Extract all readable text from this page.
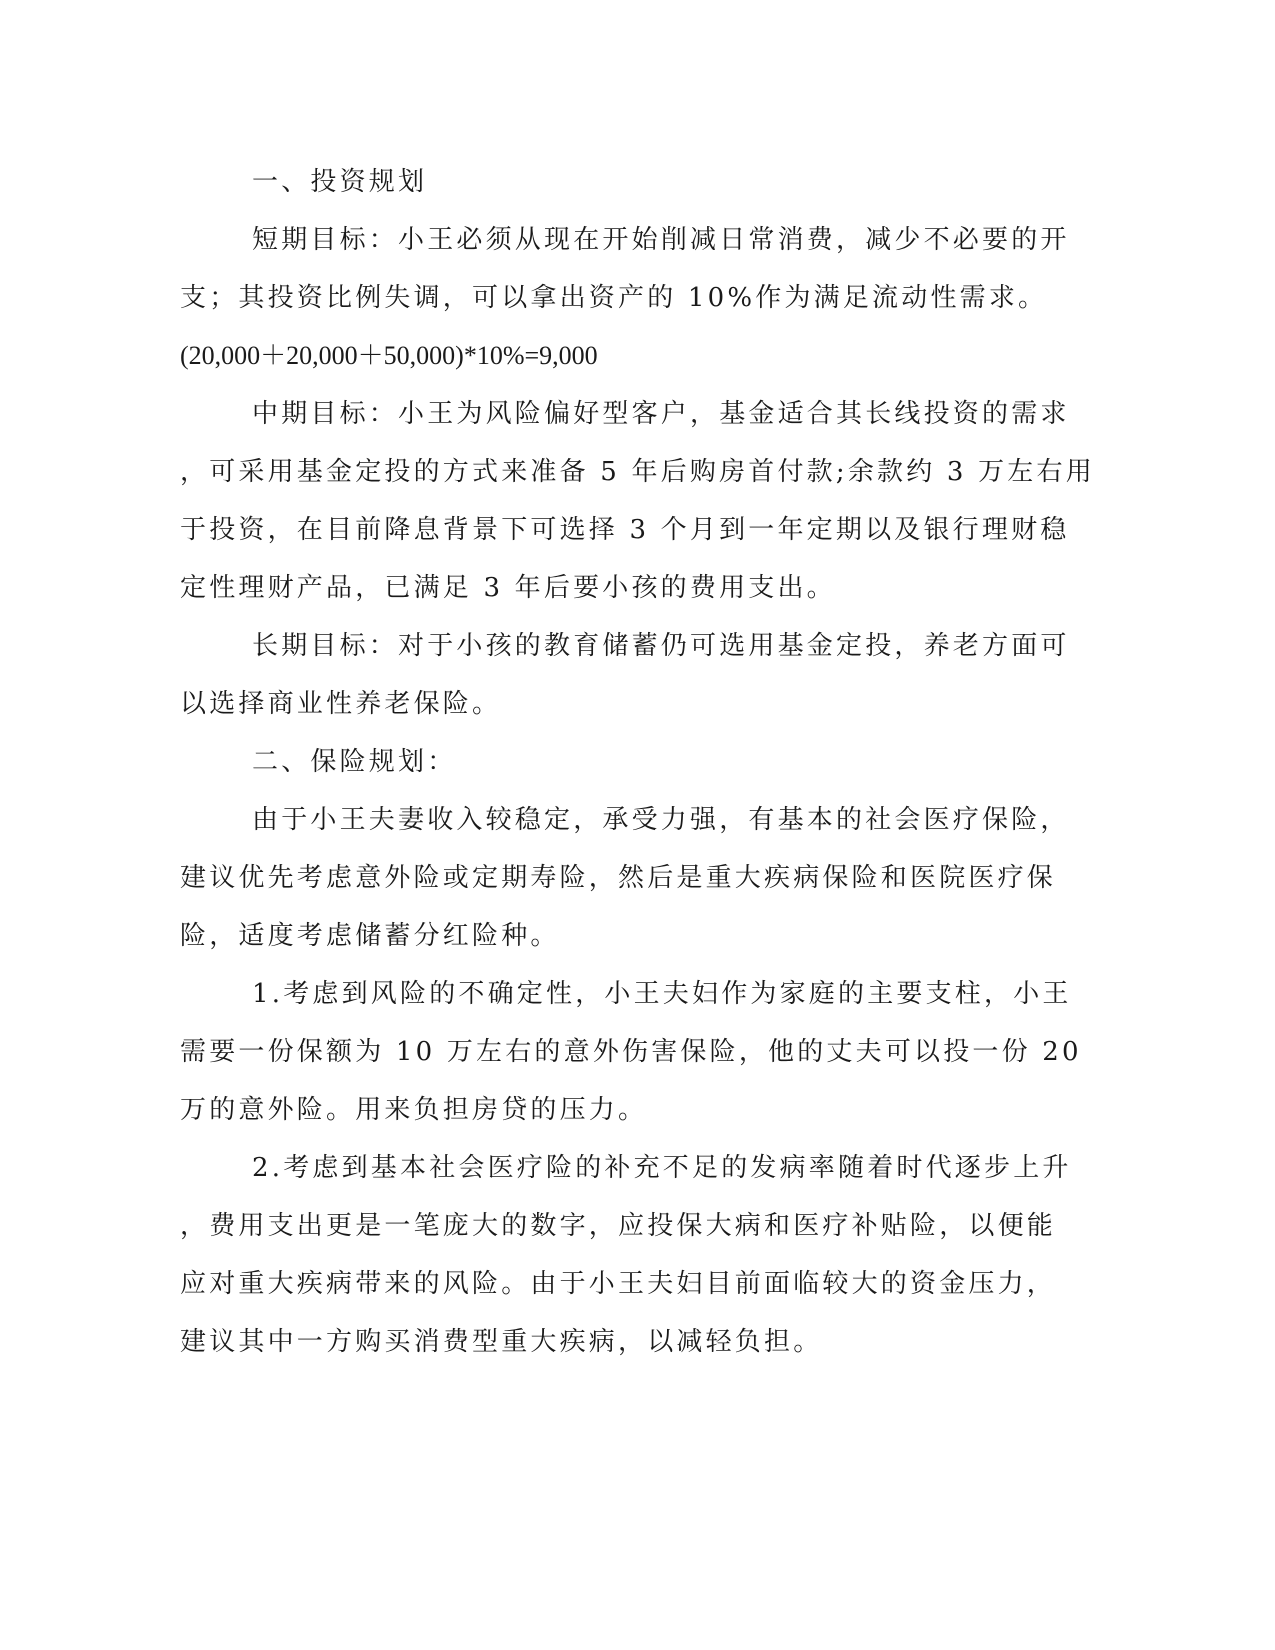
一、投资规划
短期目标：小王必须从现在开始削减日常消费，减少不必要的开
支；其投资比例失调，可以拿出资产的 10%作为满足流动性需求。
(20,000＋20,000＋50,000)*10%=9,000
中期目标：小王为风险偏好型客户，基金适合其长线投资的需求
，可采用基金定投的方式来准备 5 年后购房首付款;余款约 3 万左右用
于投资，在目前降息背景下可选择 3 个月到一年定期以及银行理财稳
定性理财产品，已满足 3 年后要小孩的费用支出。
长期目标：对于小孩的教育储蓄仍可选用基金定投，养老方面可
以选择商业性养老保险。
二、保险规划：
由于小王夫妻收入较稳定，承受力强，有基本的社会医疗保险，
建议优先考虑意外险或定期寿险，然后是重大疾病保险和医院医疗保
险，适度考虑储蓄分红险种。
1.考虑到风险的不确定性，小王夫妇作为家庭的主要支柱，小王
需要一份保额为 10 万左右的意外伤害保险，他的丈夫可以投一份 20
万的意外险。用来负担房贷的压力。
2.考虑到基本社会医疗险的补充不足的发病率随着时代逐步上升
，费用支出更是一笔庞大的数字，应投保大病和医疗补贴险，以便能
应对重大疾病带来的风险。由于小王夫妇目前面临较大的资金压力，
建议其中一方购买消费型重大疾病，以减轻负担。
